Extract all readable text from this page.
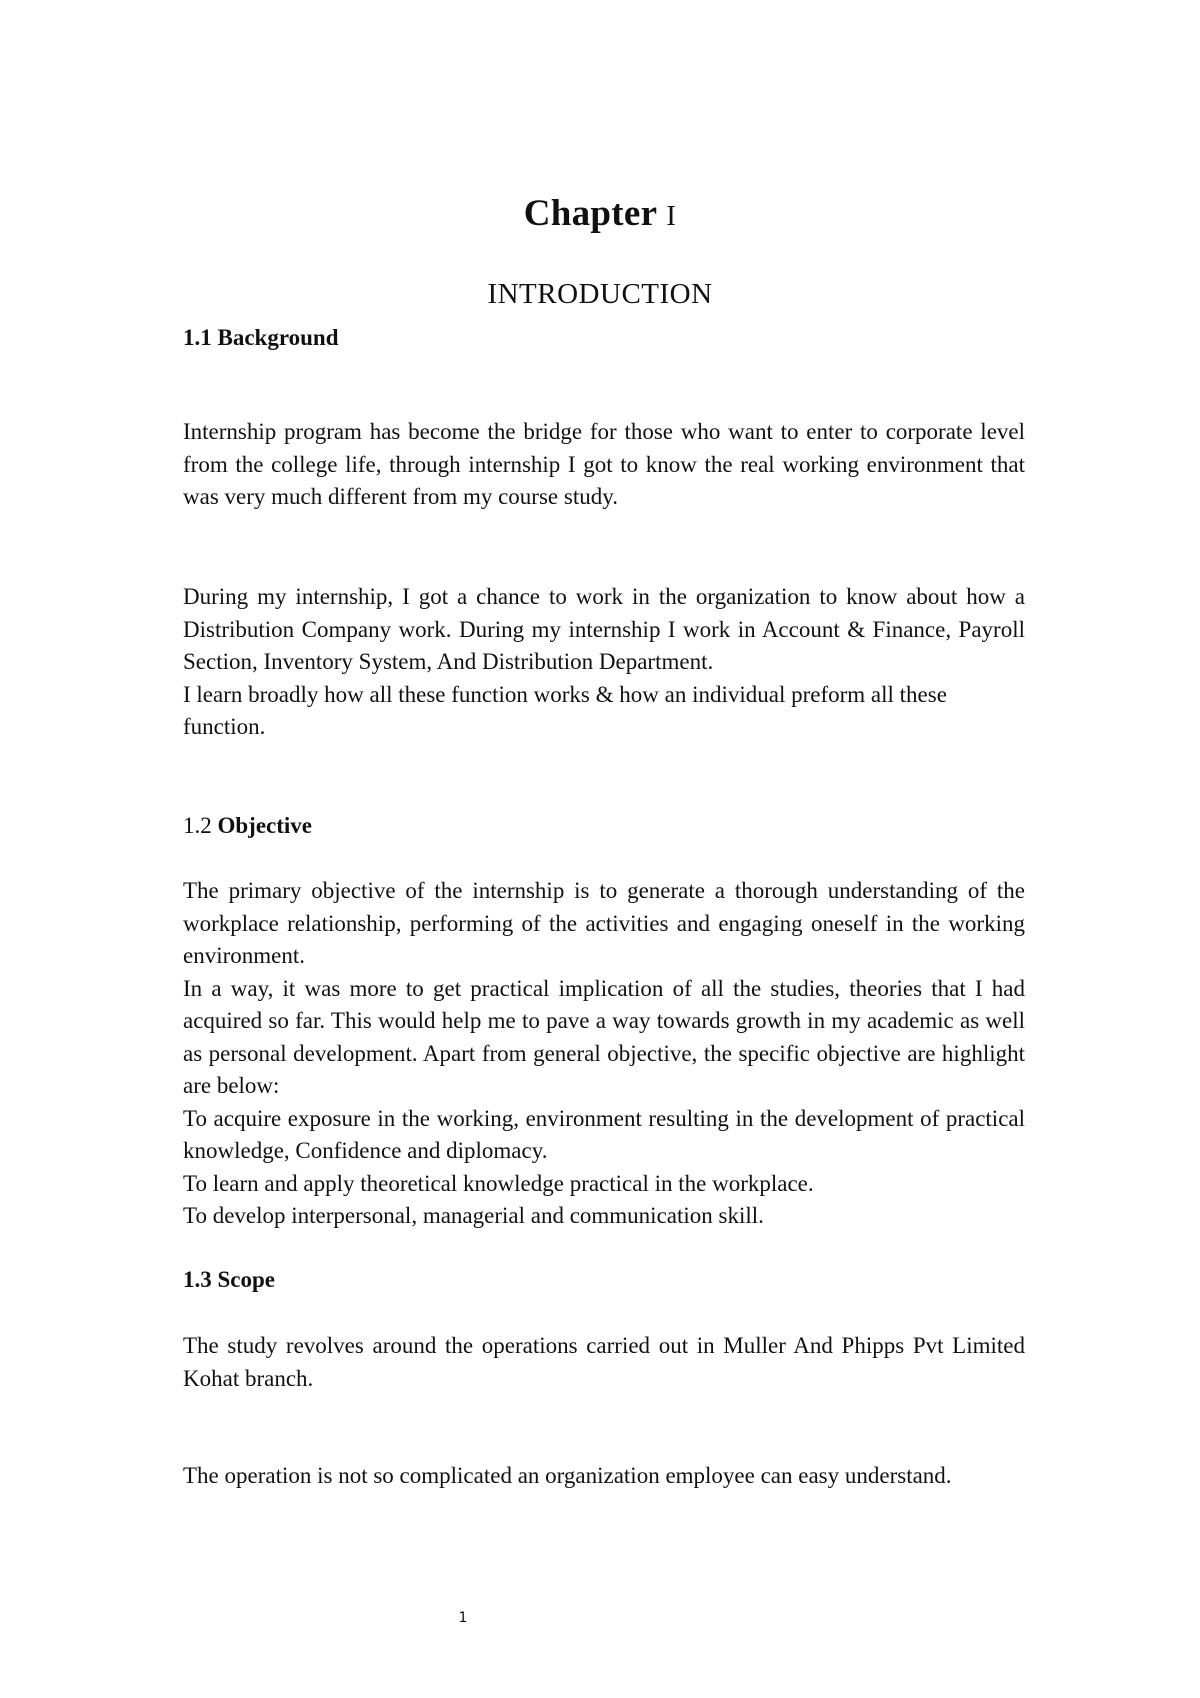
Chapter I
INTRODUCTION

1.1 Background

Internship program has become the bridge for those who want to enter to corporate level from the college life, through internship I got to know the real working environment that was very much different from my course study.

During my internship, I got a chance to work in the organization to know about how a Distribution Company work. During my internship I work in Account & Finance, Payroll Section, Inventory System, And Distribution Department.

I learn broadly how all these function works & how an individual preform all these function.

1.2 Objective

The primary objective of the internship is to generate a thorough understanding of the workplace relationship, performing of the activities and engaging oneself in the working environment.

In a way, it was more to get practical implication of all the studies, theories that I had acquired so far. This would help me to pave a way towards growth in my academic as well as personal development. Apart from general objective, the specific objective are highlight are below:

To acquire exposure in the working, environment resulting in the development of practical knowledge, Confidence and diplomacy.

To learn and apply theoretical knowledge practical in the workplace.

To develop interpersonal, managerial and communication skill.

1.3 Scope

The study revolves around the operations carried out in Muller And Phipps Pvt Limited Kohat branch.

The operation is not so complicated an organization employee can easy understand.

1
